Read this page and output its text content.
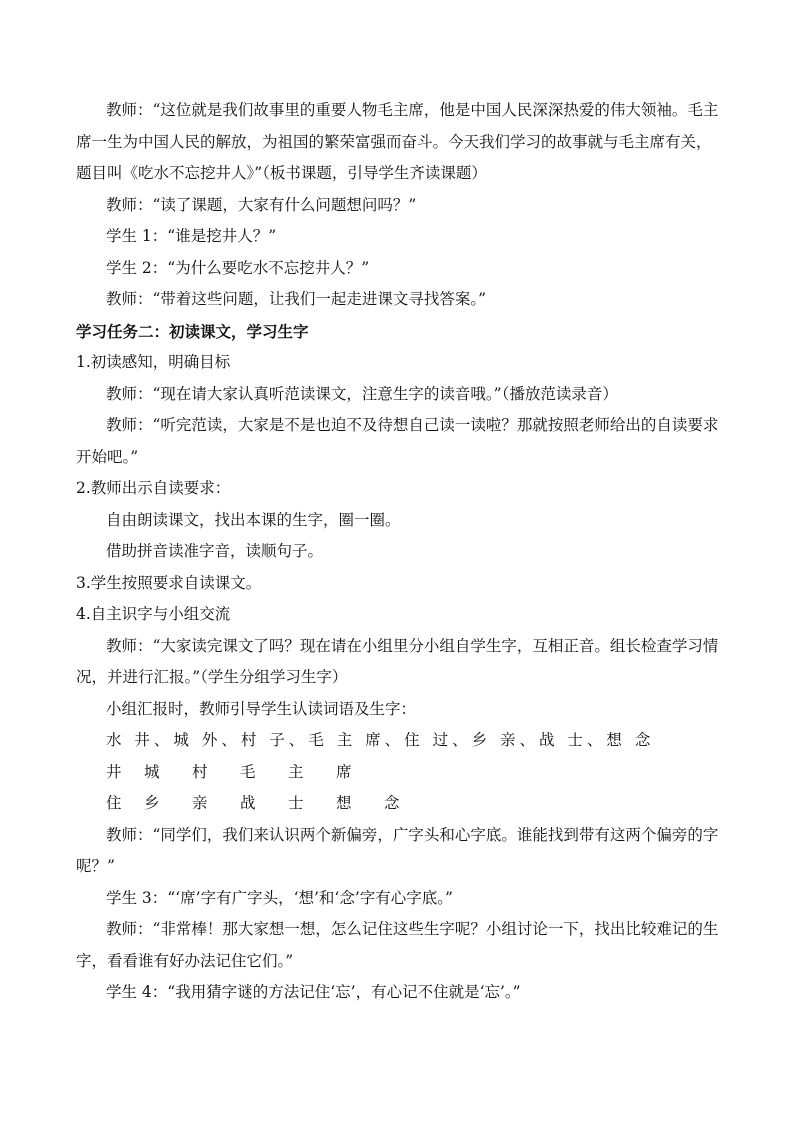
教师：“这位就是我们故事里的重要人物毛主席，他是中国人民深深热爱的伟大领袖。毛主席一生为中国人民的解放，为祖国的繁荣富强而奋斗。今天我们学习的故事就与毛主席有关，题目叫《吃水不忘挖井人》”（板书课题，引导学生齐读课题）

教师：“读了课题，大家有什么问题想问吗？”

学生 1：“谁是挖井人？”

学生 2：“为什么要吃水不忘挖井人？”

教师：“带着这些问题，让我们一起走进课文寻找答案。”

学习任务二：初读课文，学习生字

1.初读感知，明确目标

教师：“现在请大家认真听范读课文，注意生字的读音哦。”（播放范读录音）

教师：“听完范读，大家是不是也迫不及待想自己读一读啦？那就按照老师给出的自读要求开始吧。”

2.教师出示自读要求：

自由朗读课文，找出本课的生字，圈一圈。

借助拼音读准字音，读顺句子。

3.学生按照要求自读课文。

4.自主识字与小组交流

教师：“大家读完课文了吗？现在请在小组里分小组自学生字，互相正音。组长检查学习情况，并进行汇报。”（学生分组学习生字）

小组汇报时，教师引导学生认读词语及生字：

水 井、城 外、村 子、毛 主 席、住 过、乡 亲、战 士、想 念
井	城	村	毛	主	席
住	乡	亲	战	士	想	念

教师：“同学们，我们来认识两个新偏旁，广字头和心字底。谁能找到带有这两个偏旁的字呢？”

学生 3：“‘席’字有广字头，‘想’和‘念’字有心字底。”

教师：“非常棒！那大家想一想，怎么记住这些生字呢？小组讨论一下，找出比较难记的生字，看看谁有好办法记住它们。”

学生 4：“我用猜字谜的方法记住‘忘’，有心记不住就是‘忘’。”
